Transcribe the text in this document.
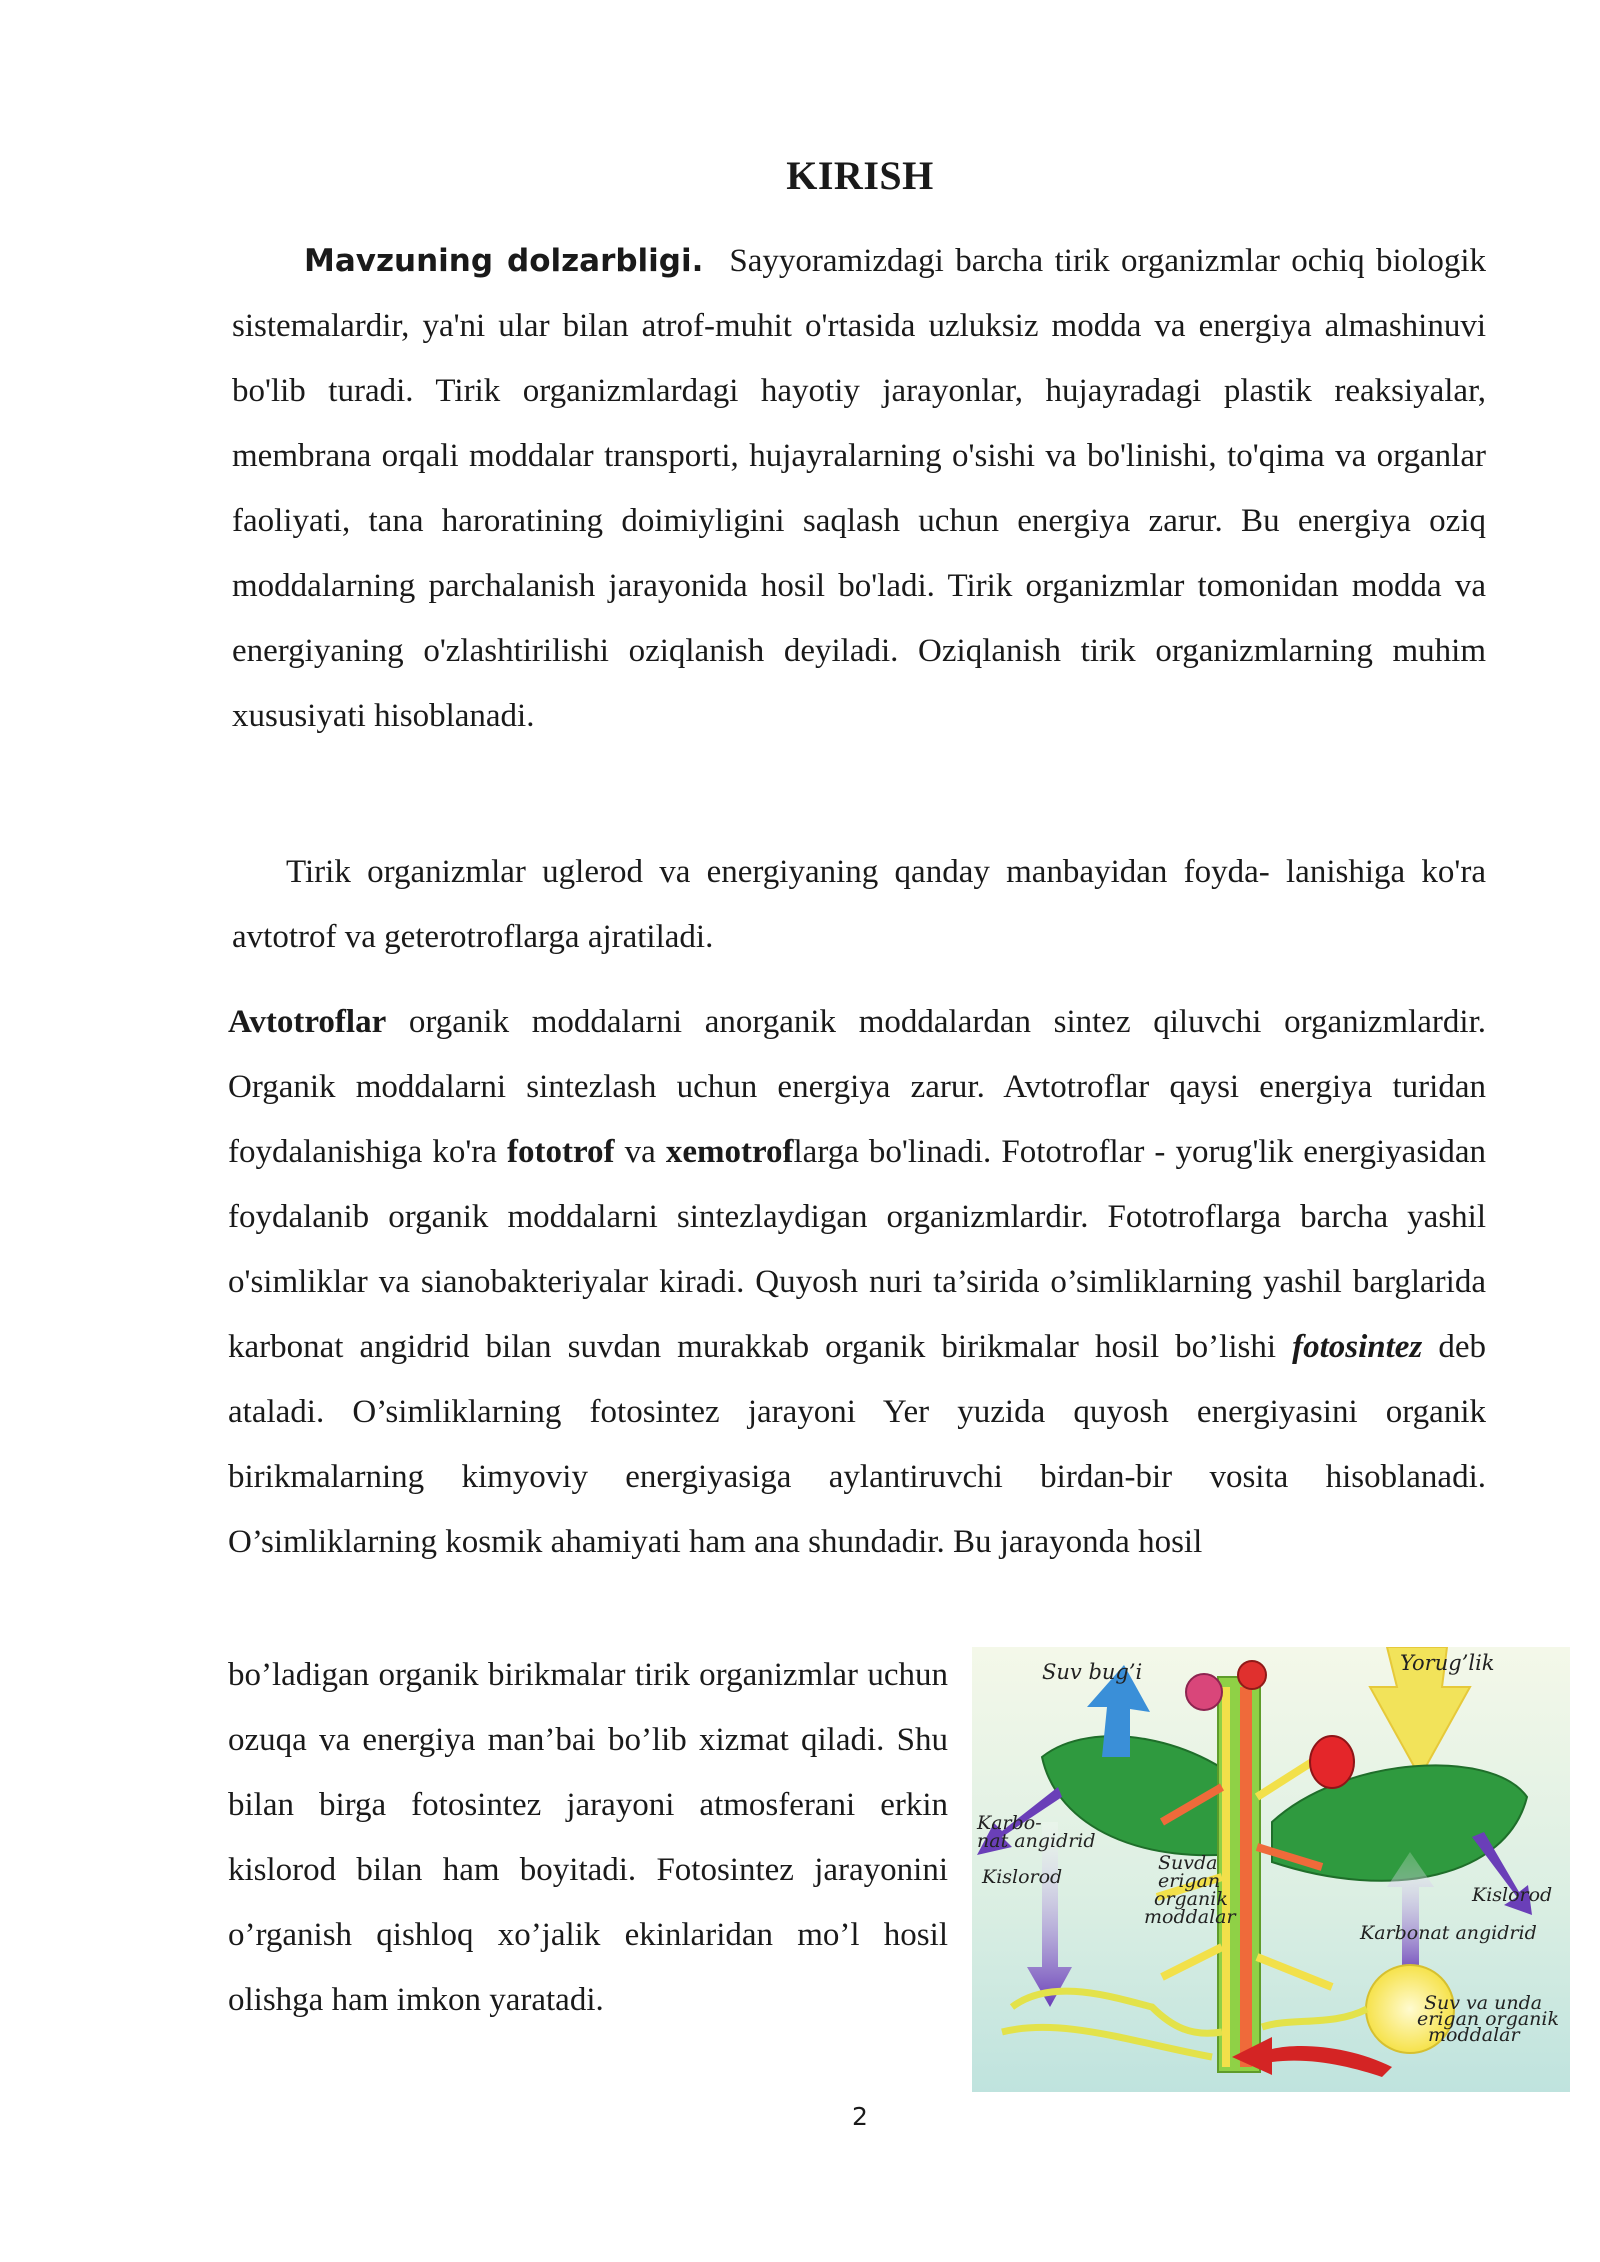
KIRISH

Mavzuning dolzarbligi. Sayyoramizdagi barcha tirik organizmlar ochiq biologik sistemalardir, ya'ni ular bilan atrof-muhit o'rtasida uzluksiz modda va energiya almashinuvi bo'lib turadi. Tirik organizmlardagi hayotiy jarayonlar, hujayradagi plastik reaksiyalar, membrana orqali moddalar transporti, hujayralarning o'sishi va bo'linishi, to'qima va organlar faoliyati, tana haroratining doimiyligini saqlash uchun energiya zarur. Bu energiya oziq moddalarning parchalanish jarayonida hosil bo'ladi. Tirik organizmlar tomonidan modda va energiyaning o'zlashtirilishi oziqlanish deyiladi. Oziqlanish tirik organizmlarning muhim xususiyati hisoblanadi.

Tirik organizmlar uglerod va energiyaning qanday manbayidan foyda- lanishiga ko'ra avtotrof va geterotroflarga ajratiladi.

Avtotroflar organik moddalarni anorganik moddalardan sintez qiluvchi organizmlardir. Organik moddalarni sintezlash uchun energiya zarur. Avtotroflar qaysi energiya turidan foydalanishiga ko'ra fototrof va xemotroflarga bo'linadi. Fototroflar - yorug'lik energiyasidan foydalanib organik moddalarni sintezlaydigan organizmlardir. Fototroflarga barcha yashil o'simliklar va sianobakteriyalar kiradi. Quyosh nuri ta’sirida o’simliklarning yashil barglarida karbonat angidrid bilan suvdan murakkab organik birikmalar hosil bo’lishi fotosintez deb ataladi. O’simliklarning fotosintez jarayoni Yer yuzida quyosh energiyasini organik birikmalarning kimyoviy energiyasiga aylantiruvchi birdan-bir vosita hisoblanadi. O’simliklarning kosmik ahamiyati ham ana shundadir. Bu jarayonda hosil

bo’ladigan organik birikmalar tirik organizmlar uchun ozuqa va energiya man’bai bo’lib xizmat qiladi. Shu bilan birga fotosintez jarayoni atmosferani erkin kislorod bilan ham boyitadi. Fotosintez jarayonini o’rganish qishloq xo’jalik ekinlaridan mo’l hosil olishga ham imkon yaratadi.

Suv bug’i	Yorug’lik
Karbo-
nat angidrid
Kislorod
Suvda
erigan
organik
moddalar
Kislorod
Karbonat angidrid
Suv va unda
erigan organik
moddalar
2
